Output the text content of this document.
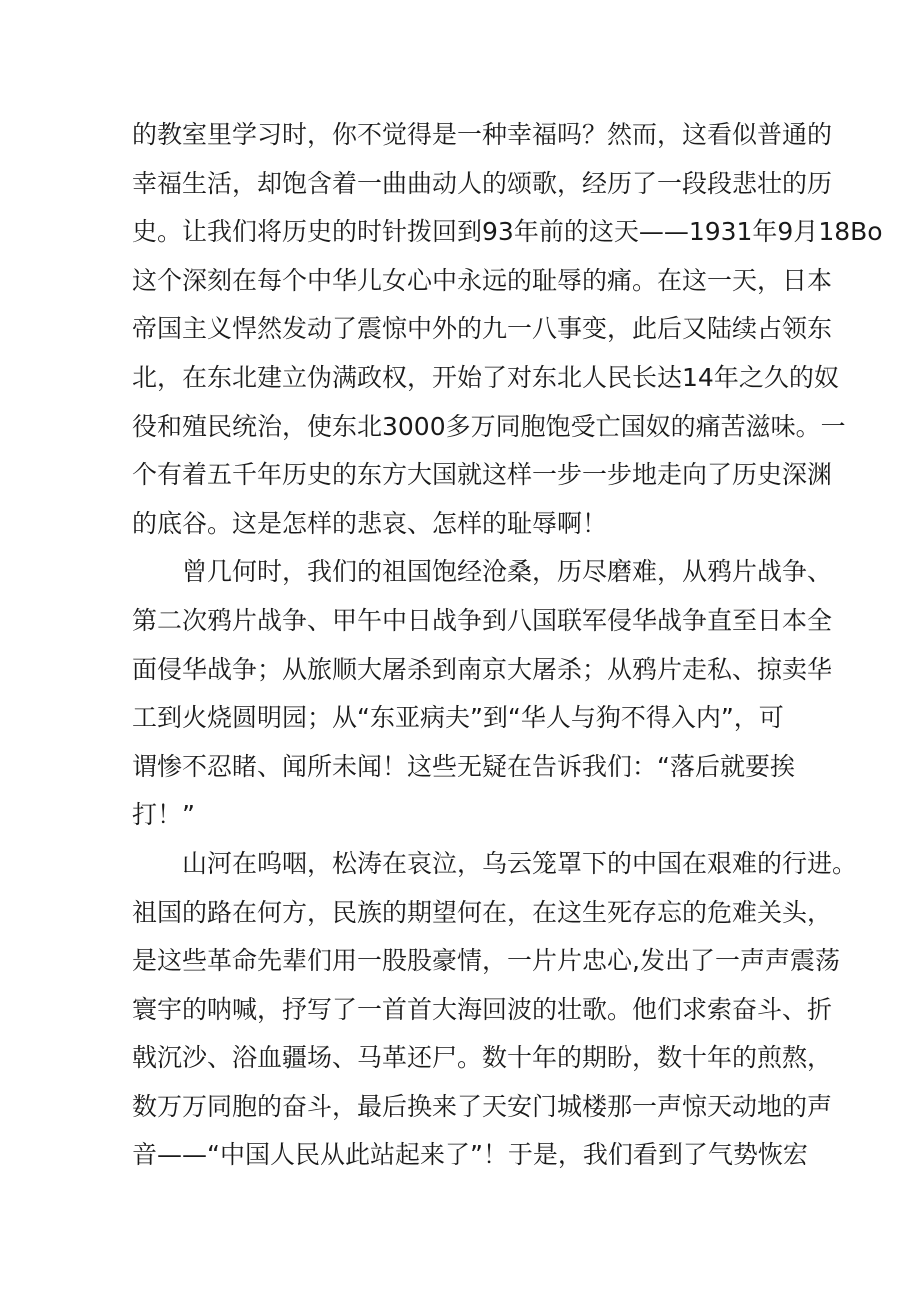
的教室里学习时，你不觉得是一种幸福吗？然而，这看似普通的
幸福生活，却饱含着一曲曲动人的颂歌，经历了一段段悲壮的历
史。让我们将历史的时针拨回到93年前的这天——1931年9月18Bo
这个深刻在每个中华儿女心中永远的耻辱的痛。在这一天，日本
帝国主义悍然发动了震惊中外的九一八事变，此后又陆续占领东
北，在东北建立伪满政权，开始了对东北人民长达14年之久的奴
役和殖民统治，使东北3000多万同胞饱受亡国奴的痛苦滋味。一
个有着五千年历史的东方大国就这样一步一步地走向了历史深渊
的底谷。这是怎样的悲哀、怎样的耻辱啊！
曾几何时，我们的祖国饱经沧桑，历尽磨难，从鸦片战争、
第二次鸦片战争、甲午中日战争到八国联军侵华战争直至日本全
面侵华战争；从旅顺大屠杀到南京大屠杀；从鸦片走私、掠卖华
工到火烧圆明园；从“东亚病夫”到“华人与狗不得入内”，可
谓惨不忍睹、闻所未闻！这些无疑在告诉我们：“落后就要挨
打！”
山河在呜咽，松涛在哀泣，乌云笼罩下的中国在艰难的行进。
祖国的路在何方，民族的期望何在，在这生死存忘的危难关头，
是这些革命先辈们用一股股豪情，一片片忠心,发出了一声声震荡
寰宇的呐喊，抒写了一首首大海回波的壮歌。他们求索奋斗、折
戟沉沙、浴血疆场、马革还尸。数十年的期盼，数十年的煎熬，
数万万同胞的奋斗，最后换来了天安门城楼那一声惊天动地的声
音——“中国人民从此站起来了”！于是，我们看到了气势恢宏
